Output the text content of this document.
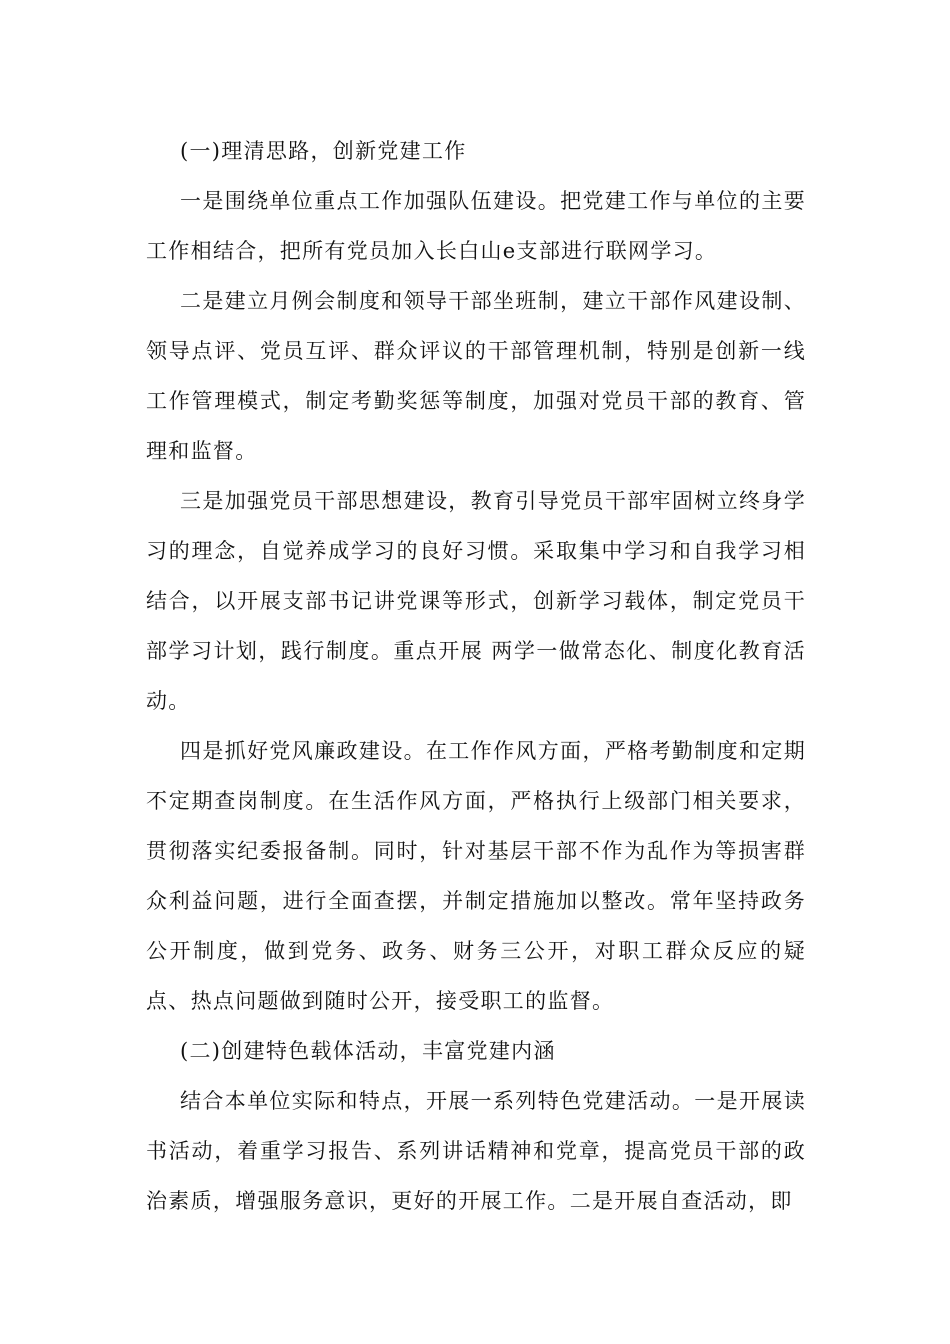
(一)理清思路，创新党建工作

一是围绕单位重点工作加强队伍建设。把党建工作与单位的主要工作相结合，把所有党员加入长白山e支部进行联网学习。

二是建立月例会制度和领导干部坐班制，建立干部作风建设制、领导点评、党员互评、群众评议的干部管理机制，特别是创新一线工作管理模式，制定考勤奖惩等制度，加强对党员干部的教育、管理和监督。

三是加强党员干部思想建设，教育引导党员干部牢固树立终身学习的理念，自觉养成学习的良好习惯。采取集中学习和自我学习相结合，以开展支部书记讲党课等形式，创新学习载体，制定党员干部学习计划，践行制度。重点开展 两学一做常态化、制度化教育活动。

四是抓好党风廉政建设。在工作作风方面，严格考勤制度和定期不定期查岗制度。在生活作风方面，严格执行上级部门相关要求，贯彻落实纪委报备制。同时，针对基层干部不作为乱作为等损害群众利益问题，进行全面查摆，并制定措施加以整改。常年坚持政务公开制度，做到党务、政务、财务三公开，对职工群众反应的疑点、热点问题做到随时公开，接受职工的监督。

(二)创建特色载体活动，丰富党建内涵

结合本单位实际和特点，开展一系列特色党建活动。一是开展读书活动，着重学习报告、系列讲话精神和党章，提高党员干部的政治素质，增强服务意识，更好的开展工作。二是开展自查活动，即
